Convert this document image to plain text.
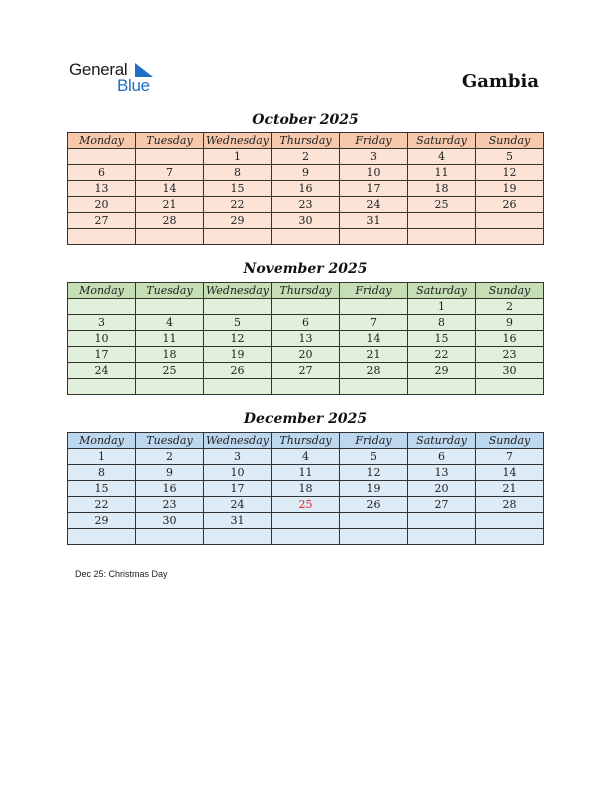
General
Blue	Gambia
October 2025
Monday	Tuesday	Wednesday	Thursday	Friday	Saturday	Sunday
		1	2	3	4	5
6	7	8	9	10	11	12
13	14	15	16	17	18	19
20	21	22	23	24	25	26
27	28	29	30	31		

November 2025
Monday	Tuesday	Wednesday	Thursday	Friday	Saturday	Sunday
					1	2
3	4	5	6	7	8	9
10	11	12	13	14	15	16
17	18	19	20	21	22	23
24	25	26	27	28	29	30

December 2025
Monday	Tuesday	Wednesday	Thursday	Friday	Saturday	Sunday
1	2	3	4	5	6	7
8	9	10	11	12	13	14
15	16	17	18	19	20	21
22	23	24	25	26	27	28
29	30	31				

Dec 25: Christmas Day
